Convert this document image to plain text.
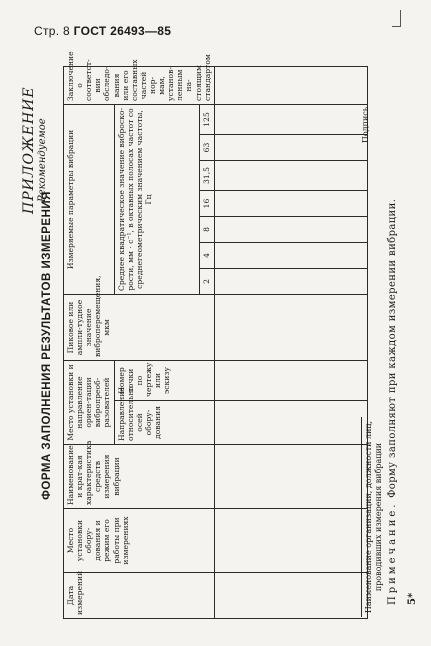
Стр. 8 ГОСТ 26493—85
ПРИЛОЖЕНИЕ Рекомендуемое
ФОРМА ЗАПОЛНЕНИЯ РЕЗУЛЬТАТОВ ИЗМЕРЕНИЯ
Дата измерений	Место установки обору-дования и режим его работы при измерениях	Наименование и крат-кая характеристика средств измерения вибрации	Место установки и направление ориен-тации вибропреоб-разователей		Пиковое или ампли-тудное значение виброперемещения, мкм	Измеряемые параметры вибрации							Заключение о соответст-вии обследо-вания или его составных частей нор-мам, установ-ленным на-стоящим стандартом
			Направление относительно осей обору-дования	Номер точки по чертежу или эскизу		Среднее квадратическое значение виброско-рости, мм · с⁻¹, в октавных полосах частот со среднегеометрическим значением частоты, Гц							
						2	4	8	16	31,5	63	125	

Наименование организации, должности лиц, проводивших измерения вибрации
Подпись
Примечание. Форму заполняют при каждом измерении вибрации.
5*
